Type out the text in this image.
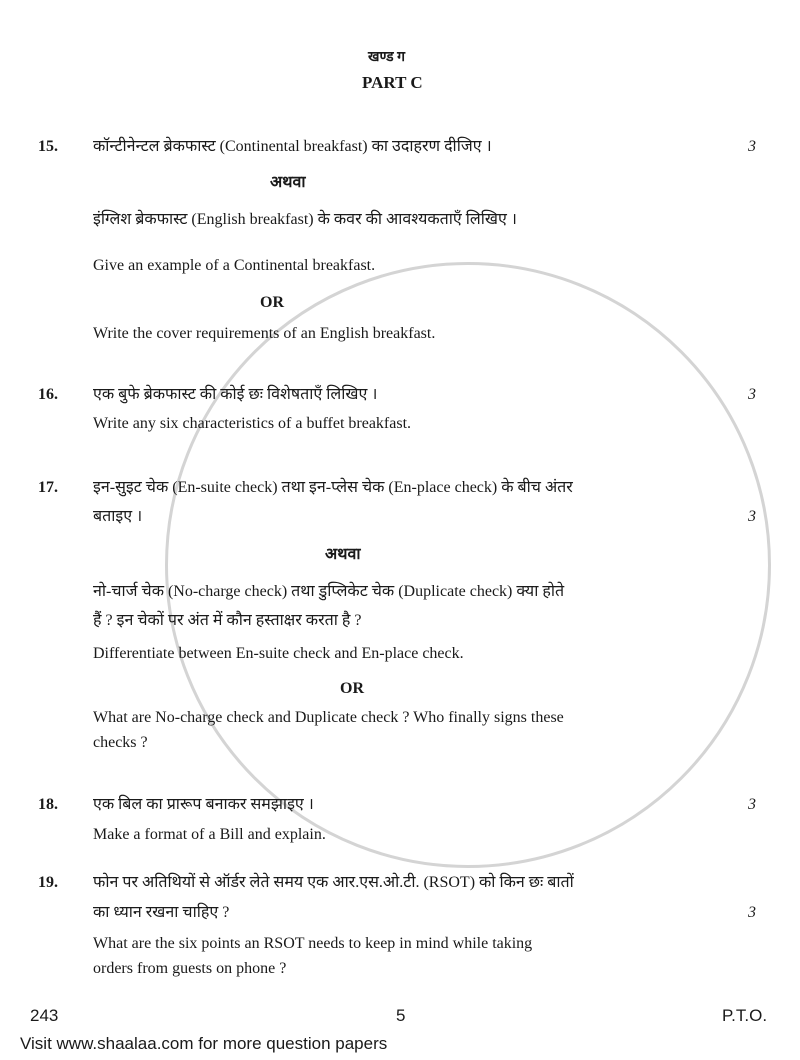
खण्ड ग
PART C
15. कॉन्टीनेन्टल ब्रेकफास्ट (Continental breakfast) का उदाहरण दीजिए ।	3
अथवा
इंग्लिश ब्रेकफास्ट (English breakfast) के कवर की आवश्यकताएँ लिखिए ।
Give an example of a Continental breakfast.
OR
Write the cover requirements of an English breakfast.
16. एक बुफे ब्रेकफास्ट की कोई छः विशेषताएँ लिखिए ।	3
Write any six characteristics of a buffet breakfast.
17. इन-सुइट चेक (En-suite check) तथा इन-प्लेस चेक (En-place check) के बीच अंतर
बताइए ।	3
अथवा
नो-चार्ज चेक (No-charge check) तथा डुप्लिकेट चेक (Duplicate check) क्या होते
हैं ? इन चेकों पर अंत में कौन हस्ताक्षर करता है ?
Differentiate between En-suite check and En-place check.
OR
What are No-charge check and Duplicate check ? Who finally signs these
checks ?
18. एक बिल का प्रारूप बनाकर समझाइए ।	3
Make a format of a Bill and explain.
19. फोन पर अतिथियों से ऑर्डर लेते समय एक आर.एस.ओ.टी. (RSOT) को किन छः बातों
का ध्यान रखना चाहिए ?	3
What are the six points an RSOT needs to keep in mind while taking
orders from guests on phone ?
243	5	P.T.O.
Visit www.shaalaa.com for more question papers
